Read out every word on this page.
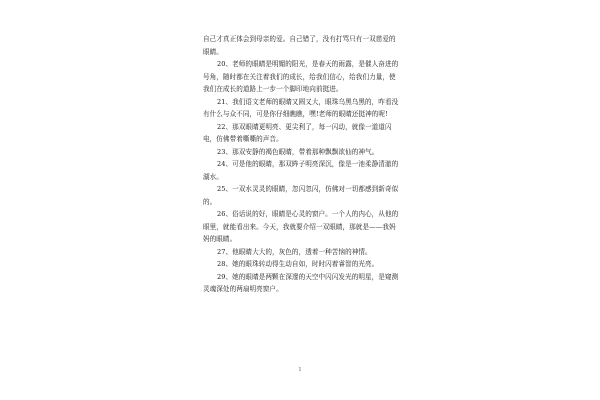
自己才真正体会到母亲的爱。自己错了，没有打骂只有一双慈爱的眼睛。

20、老师的眼睛是明媚的阳光，是春天的雨露，是催人奋进的号角，随时都在关注着我们的成长，给我们信心，给我们力量，使我们在成长的道路上一步一个脚印地向前挺进。

21、我们语文老师的眼睛又圆又大，眼珠乌黑乌黑的，咋看没有什么与众不同，可是你仔细瞧瞧，嘿!老师的眼睛还挺神的呢!

22、那双眼睛更明亮、更尖利了，每一闪动，就像一道道闪电，仿佛带着嘶嘶的声音。

23、那双安静的褐色眼睛，带着那种飘飘欲仙的神气。

24、可是他的眼睛，那双眸子明亮深沉，像是一池柔静清澈的湖水。

25、一双水灵灵的眼睛，忽闪忽闪，仿佛对一切都感到新奇似的。

26、俗话说的好，眼睛是心灵的窗户。一个人的内心，从他的眼里，就能看出来。今天，我就要介绍一双眼睛，那就是——我妈妈的眼睛。

27、他眼睛大大的，灰色的，透着一种苦恼的神情。

28、她的眼珠转动得生动自如，时时闪着睿智的光亮。

29、她的眼睛是两颗在深邃的天空中闪闪发光的明星，是窥测灵魂深处的两扇明亮窗户。

1
